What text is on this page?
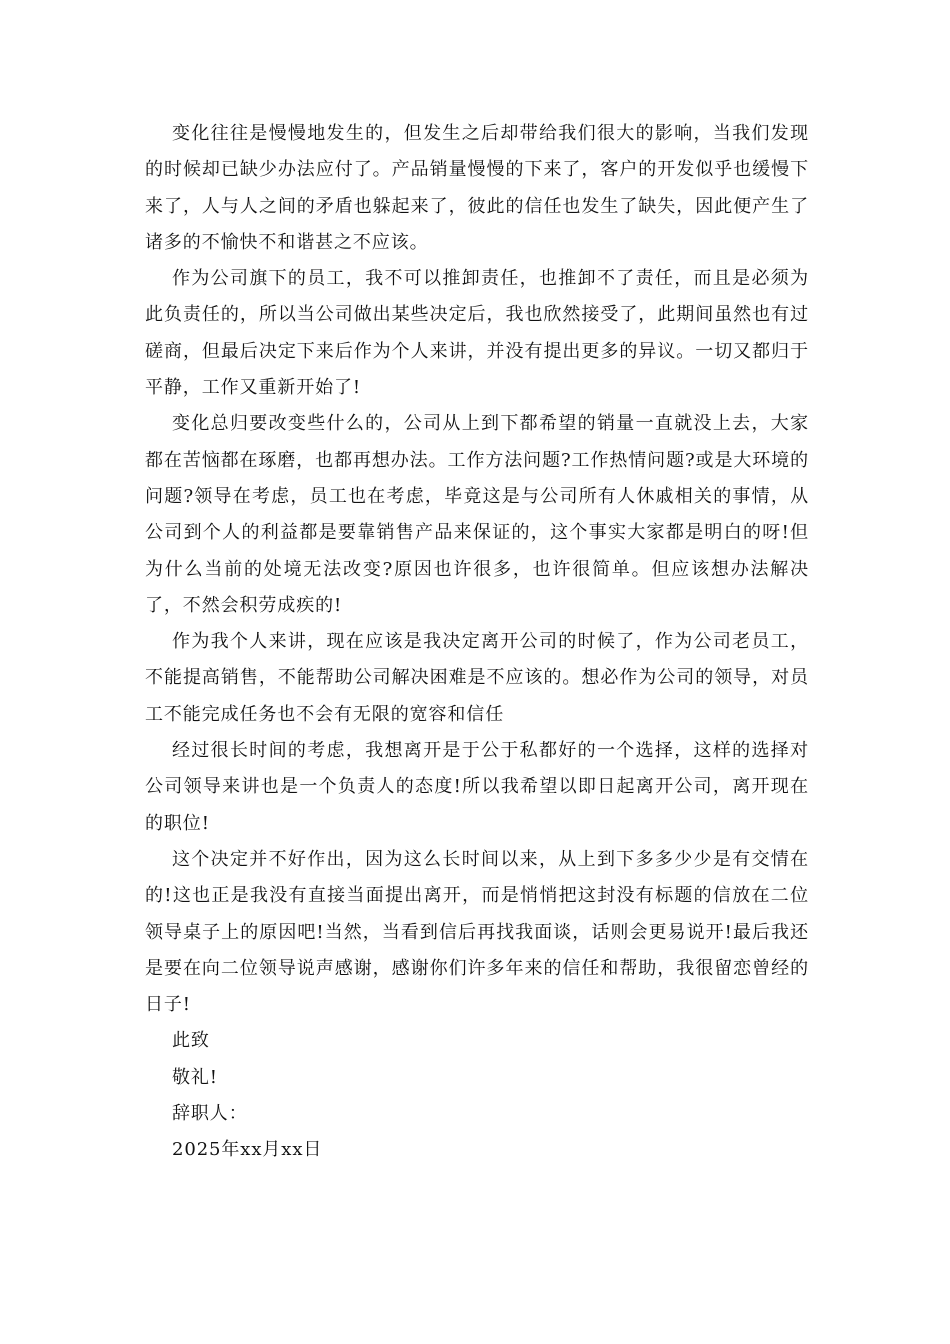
变化往往是慢慢地发生的，但发生之后却带给我们很大的影响，当我们发现的时候却已缺少办法应付了。产品销量慢慢的下来了，客户的开发似乎也缓慢下来了，人与人之间的矛盾也躲起来了，彼此的信任也发生了缺失，因此便产生了诸多的不愉快不和谐甚之不应该。

作为公司旗下的员工，我不可以推卸责任，也推卸不了责任，而且是必须为此负责任的，所以当公司做出某些决定后，我也欣然接受了，此期间虽然也有过磋商，但最后决定下来后作为个人来讲，并没有提出更多的异议。一切又都归于平静，工作又重新开始了!

变化总归要改变些什么的，公司从上到下都希望的销量一直就没上去，大家都在苦恼都在琢磨，也都再想办法。工作方法问题?工作热情问题?或是大环境的问题?领导在考虑，员工也在考虑，毕竟这是与公司所有人休戚相关的事情，从公司到个人的利益都是要靠销售产品来保证的，这个事实大家都是明白的呀!但为什么当前的处境无法改变?原因也许很多，也许很简单。但应该想办法解决了，不然会积劳成疾的!

作为我个人来讲，现在应该是我决定离开公司的时候了，作为公司老员工，不能提高销售，不能帮助公司解决困难是不应该的。想必作为公司的领导，对员工不能完成任务也不会有无限的宽容和信任

经过很长时间的考虑，我想离开是于公于私都好的一个选择，这样的选择对公司领导来讲也是一个负责人的态度!所以我希望以即日起离开公司，离开现在的职位!

这个决定并不好作出，因为这么长时间以来，从上到下多多少少是有交情在的!这也正是我没有直接当面提出离开，而是悄悄把这封没有标题的信放在二位领导桌子上的原因吧!当然，当看到信后再找我面谈，话则会更易说开!最后我还是要在向二位领导说声感谢，感谢你们许多年来的信任和帮助，我很留恋曾经的日子!

此致

敬礼!

辞职人：

2025年xx月xx日
